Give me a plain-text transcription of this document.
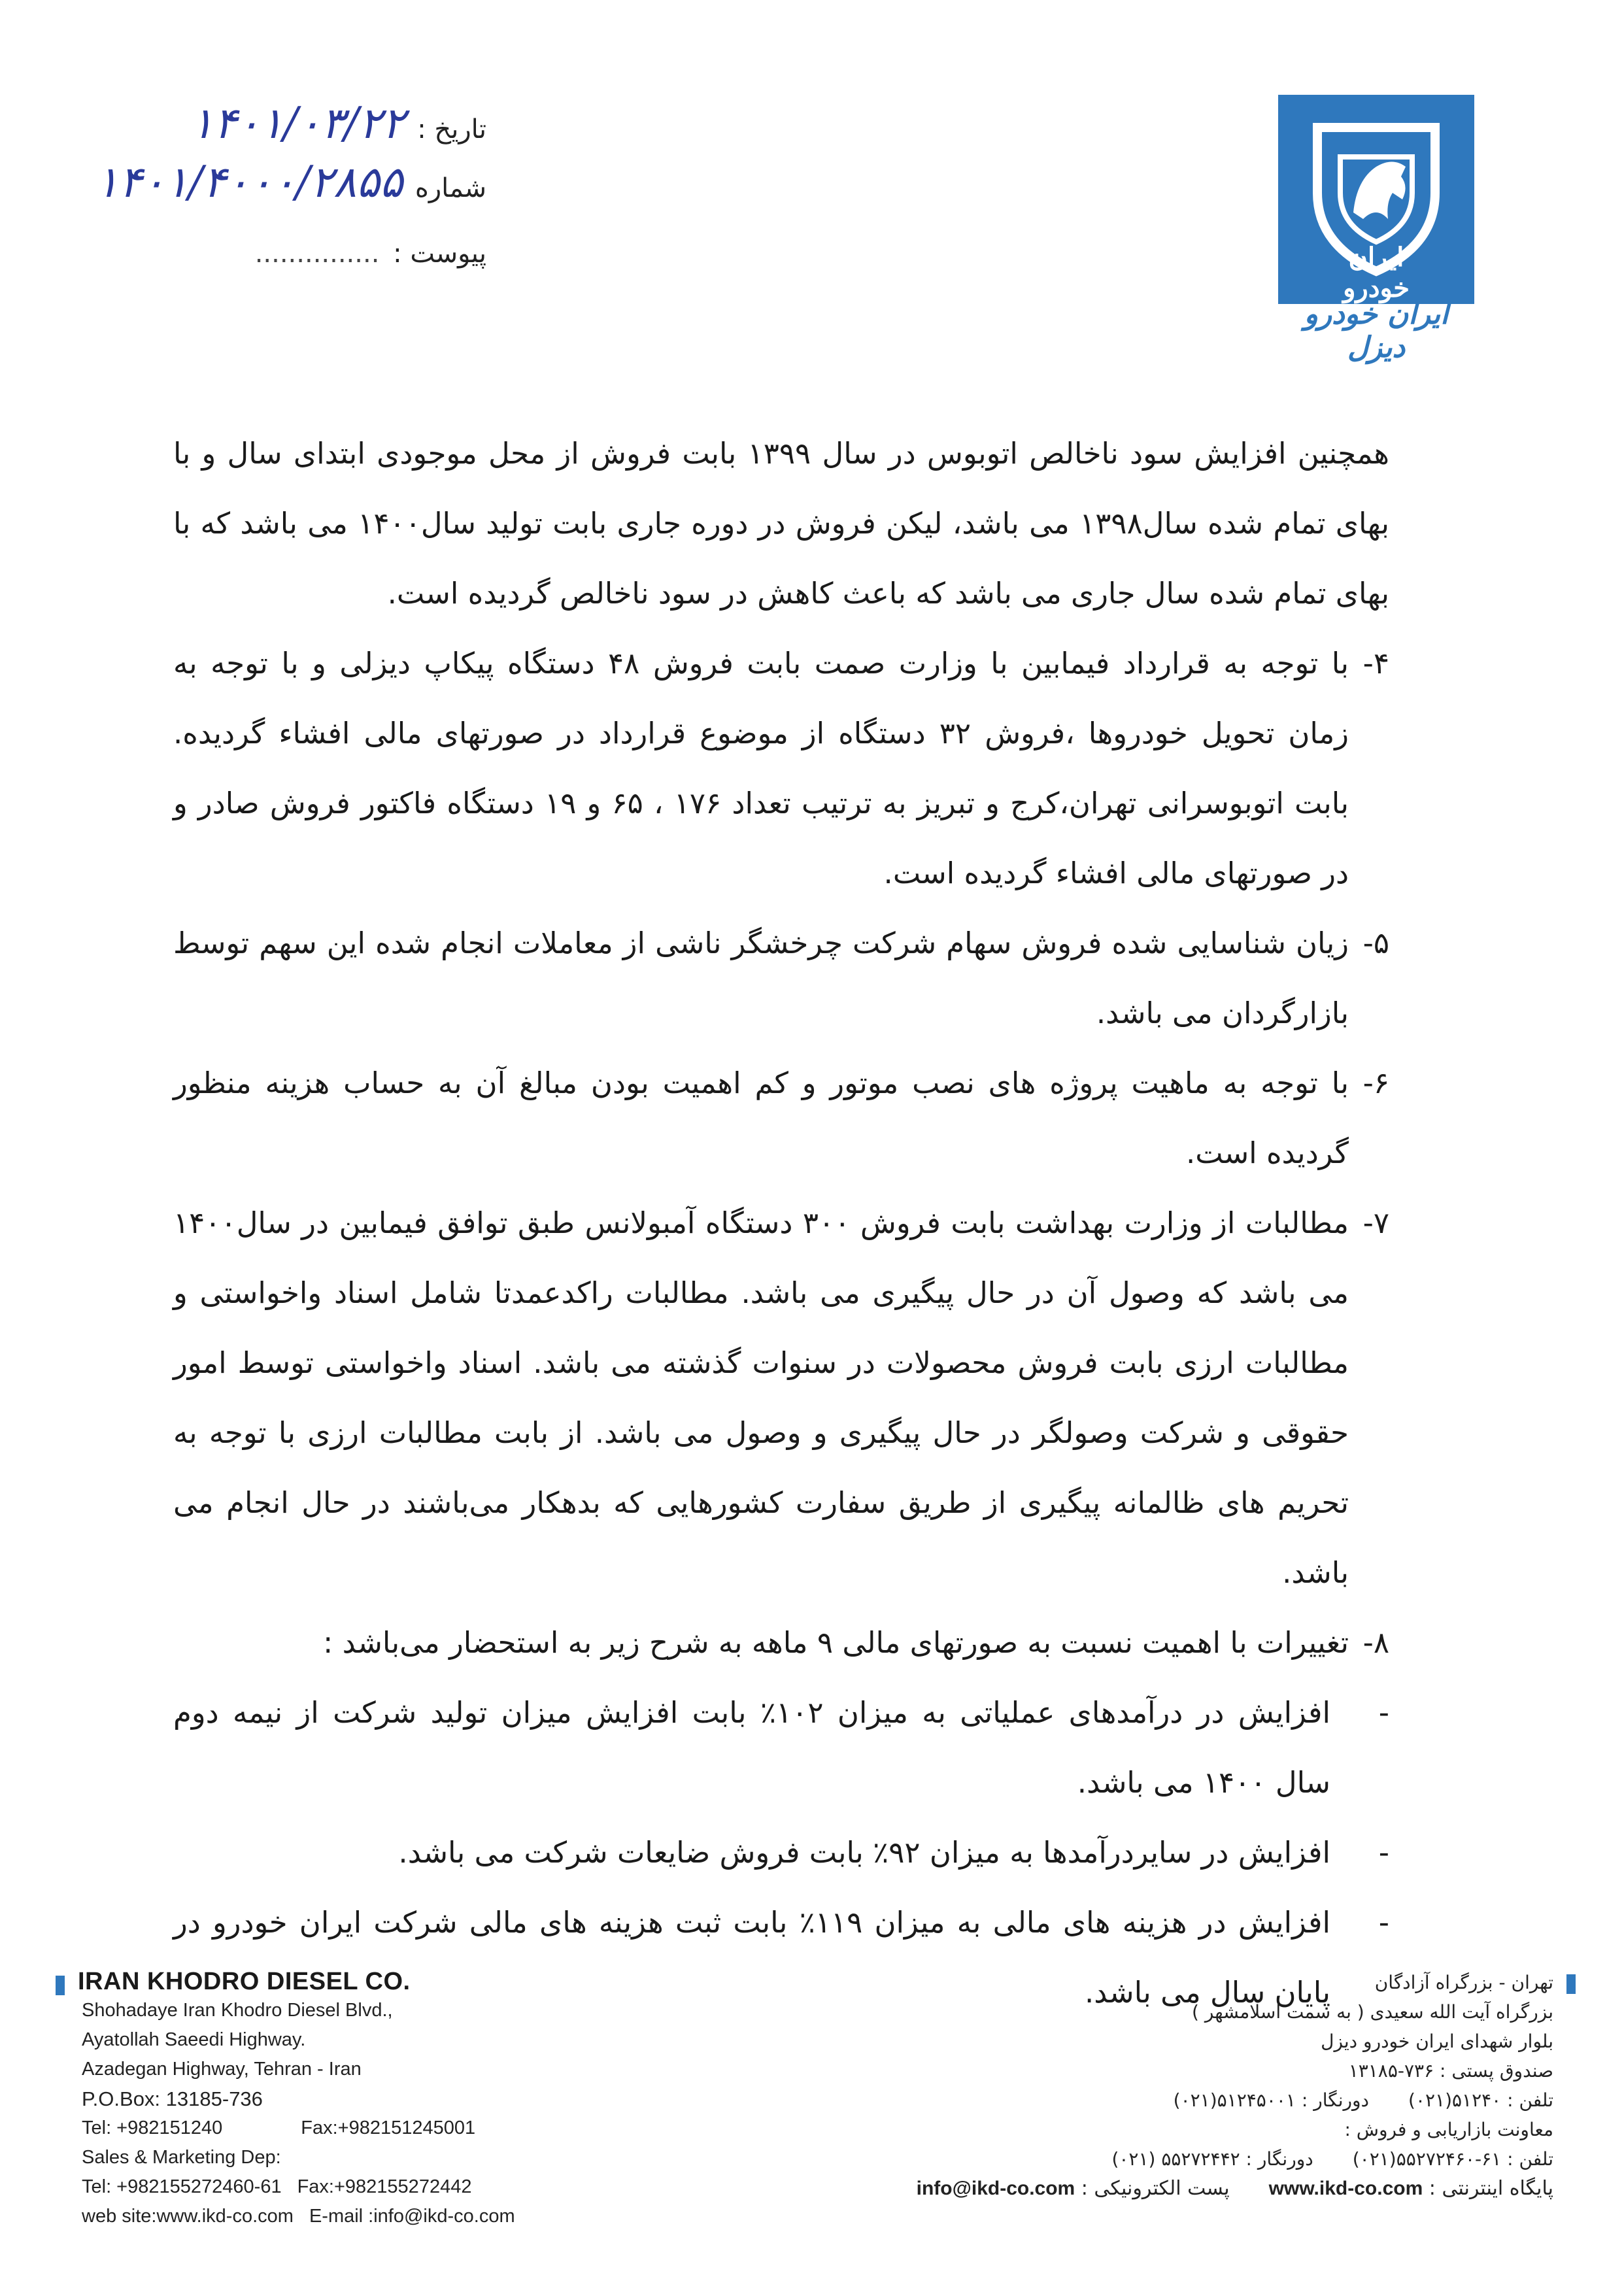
تاریخ : ۱۴۰۱/۰۳/۲۲
شماره ۱۴۰۱/۴۰۰۰/۲۸۵۵
پیوست : ...............	ایران خودرو
ایران خودرو دیزل

همچنین افزایش سود ناخالص اتوبوس در سال ۱۳۹۹ بابت فروش از محل موجودی ابتدای سال و با بهای تمام شده سال۱۳۹۸ می باشد، لیکن فروش در دوره جاری بابت تولید سال۱۴۰۰ می باشد که با بهای تمام شده سال جاری می باشد که باعث کاهش در سود ناخالص گردیده است.

۴-
با توجه به قرارداد فیمابین با وزارت صمت بابت فروش ۴۸ دستگاه پیکاپ دیزلی و با توجه به زمان تحویل خودروها ،فروش ۳۲ دستگاه از موضوع قرارداد در صورتهای مالی افشاء گردیده. بابت اتوبوسرانی تهران،کرج و تبریز به ترتیب تعداد ۱۷۶ ، ۶۵ و ۱۹ دستگاه فاکتور فروش صادر و در صورتهای مالی افشاء گردیده است.
۵-
زیان شناسایی شده فروش سهام شرکت چرخشگر ناشی از معاملات انجام شده این سهم توسط بازارگردان می باشد.
۶-
با توجه به ماهیت پروژه های نصب موتور و کم اهمیت بودن مبالغ آن به حساب هزینه منظور گردیده است.
۷-
مطالبات از وزارت بهداشت بابت فروش ۳۰۰ دستگاه آمبولانس طبق توافق فیمابین در سال۱۴۰۰ می باشد که وصول آن در حال پیگیری می باشد. مطالبات راکدعمدتا شامل اسناد واخواستی و مطالبات ارزی بابت فروش محصولات در سنوات گذشته می باشد. اسناد واخواستی توسط امور حقوقی و شرکت وصولگر در حال پیگیری و وصول می باشد. از بابت مطالبات ارزی با توجه به تحریم های ظالمانه پیگیری از طریق سفارت کشورهایی که بدهکار می‌باشند در حال انجام می باشد.
۸-
تغییرات با اهمیت نسبت به صورتهای مالی ۹ ماهه به شرح زیر به استحضار می‌باشد :
-
افزایش در درآمدهای عملیاتی به میزان ۱۰۲٪ بابت افزایش میزان تولید شرکت از نیمه دوم سال ۱۴۰۰ می باشد.
-
افزایش در سایردرآمدها به میزان ۹۲٪ بابت فروش ضایعات شرکت می باشد.
-
افزایش در هزینه های مالی به میزان ۱۱۹٪ بابت ثبت هزینه های مالی شرکت ایران خودرو در پایان سال می باشد.
IRAN KHODRO DIESEL CO.
Shohadaye Iran Khodro Diesel Blvd.,
Ayatollah Saeedi Highway.
Azadegan Highway, Tehran - Iran
P.O.Box: 13185-736
Tel: +982151240	Fax:+982151245001
Sales & Marketing Dep:
Tel: +982155272460-61 Fax:+982155272442
web site:www.ikd-co.com E-mail :info@ikd-co.com
تهران - بزرگراه آزادگان
بزرگراه آیت الله سعیدی ( به سمت اسلامشهر )
بلوار شهدای ایران خودرو دیزل
صندوق پستی : ۷۳۶-۱۳۱۸۵
تلفن : ۵۱۲۴۰(۰۲۱)
دورنگار : ۵۱۲۴۵۰۰۱(۰۲۱)
معاونت بازاریابی و فروش :
تلفن : ۶۱-۵۵۲۷۲۴۶۰(۰۲۱)
دورنگار : ۵۵۲۷۲۴۴۲ (۰۲۱)
پایگاه اینترنتی : www.ikd-co.com
پست الکترونیکی : info@ikd-co.com
